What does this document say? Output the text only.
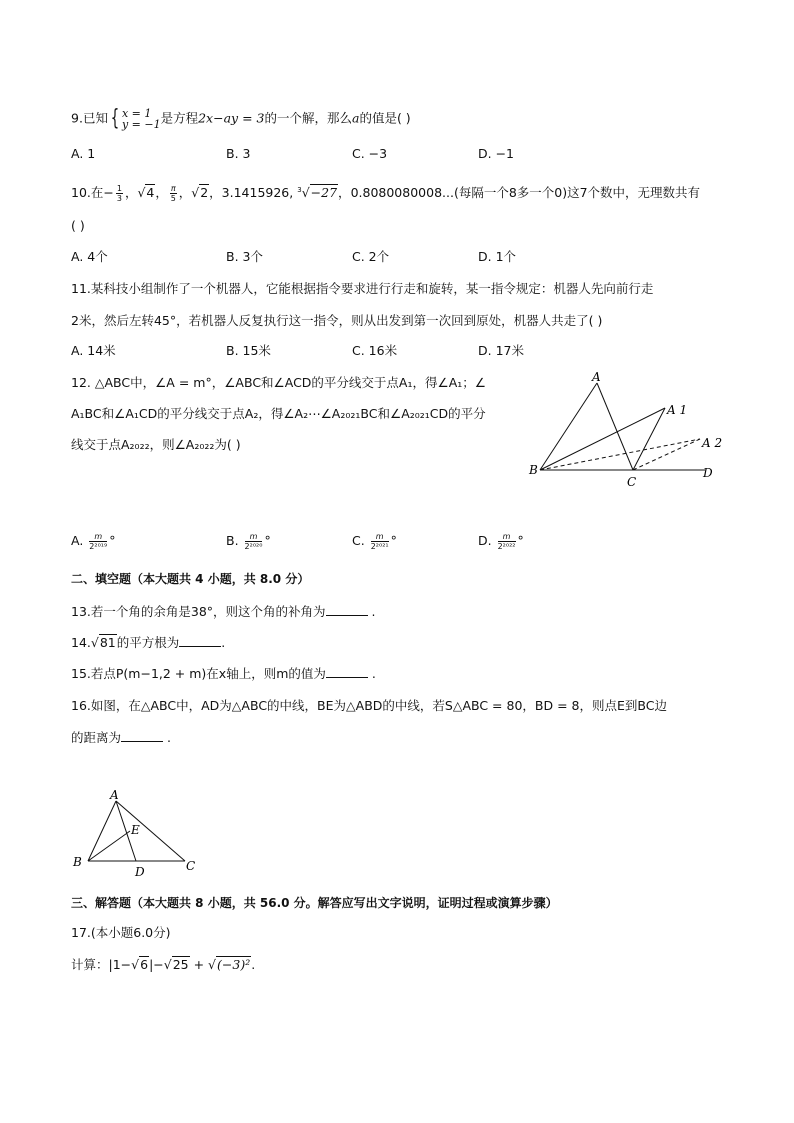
9.已知 { x = 1
y = −1 是方程2x−ay = 3的一个解，那么a的值是( )
A. 1	B. 3	C. −3	D. −1
10.在− $\frac{1}{3}$ ，√4， $\frac{\pi}{5}$ ，√2，3.1415926, $^3$√−27，0.8080080008...(每隔一个8多一个0)这7个数中，无理数共有
( )
A. 4个	B. 3个	C. 2个	D. 1个
11.某科技小组制作了一个机器人，它能根据指令要求进行行走和旋转，某一指令规定：机器人先向前行走
2米，然后左转45°，若机器人反复执行这一指令，则从出发到第一次回到原处，机器人共走了( )
A. 14米	B. 15米	C. 16米	D. 17米
12. △ABC中，∠A = m°，∠ABC和∠ACD的平分线交于点A₁，得∠A₁；∠
A₁BC和∠A₁CD的平分线交于点A₂，得∠A₂⋯∠A₂₀₂₁BC和∠A₂₀₂₁CD的平分
线交于点A₂₀₂₂，则∠A₂₀₂₂为( )
A
A 1
A 2
B
C
D
A. $\frac{m}{\text{2²⁰¹⁹}}$ °	B. $\frac{m}{\text{2²⁰²⁰}}$ °	C. $\frac{m}{\text{2²⁰²¹}}$ °	D. $\frac{m}{\text{2²⁰²²}}$ °
二、填空题（本大题共 4 小题，共 8.0 分）
13.若一个角的余角是38°，则这个角的补角为	.
14.√81的平方根为	.
15.若点P(m−1,2 + m)在x轴上，则m的值为	.
16.如图，在△ABC中，AD为△ABC的中线，BE为△ABD的中线，若S△ABC = 80，BD = 8，则点E到BC边
的距离为	.
A
E
B
D	C
三、解答题（本大题共 8 小题，共 56.0 分。解答应写出文字说明，证明过程或演算步骤）
17.(本小题6.0分)
计算：|1−√6|−√25 + √(−3)².
